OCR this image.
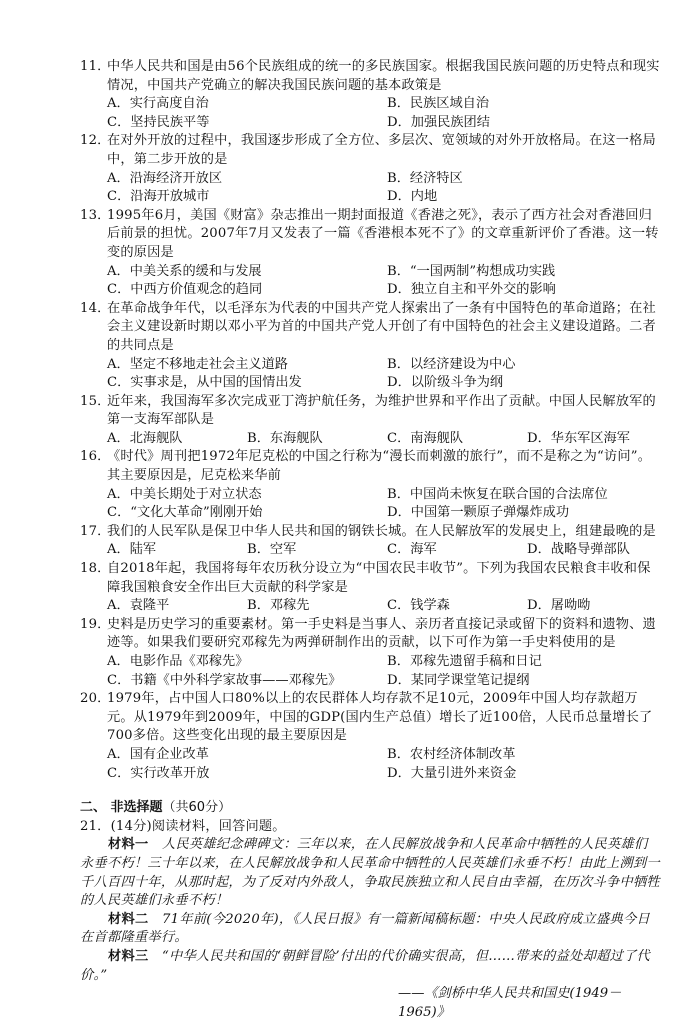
11．中华人民共和国是由56个民族组成的统一的多民族国家。根据我国民族问题的历史特点和现实情况，中国共产党确立的解决我国民族问题的基本政策是
A．实行高度自治	B．民族区域自治
C．坚持民族平等	D．加强民族团结
12．在对外开放的过程中，我国逐步形成了全方位、多层次、宽领域的对外开放格局。在这一格局中，第二步开放的是
A．沿海经济开放区	B．经济特区
C．沿海开放城市	D．内地
13．1995年6月，美国《财富》杂志推出一期封面报道《香港之死》，表示了西方社会对香港回归后前景的担忧。2007年7月又发表了一篇《香港根本死不了》的文章重新评价了香港。这一转变的原因是
A．中美关系的缓和与发展	B．“一国两制”构想成功实践
C．中西方价值观念的趋同	D．独立自主和平外交的影响
14．在革命战争年代，以毛泽东为代表的中国共产党人探索出了一条有中国特色的革命道路；在社会主义建设新时期以邓小平为首的中国共产党人开创了有中国特色的社会主义建设道路。二者的共同点是
A．坚定不移地走社会主义道路	B．以经济建设为中心
C．实事求是，从中国的国情出发	D．以阶级斗争为纲
15．近年来，我国海军多次完成亚丁湾护航任务，为维护世界和平作出了贡献。中国人民解放军的第一支海军部队是
A．北海舰队	B．东海舰队	C．南海舰队	D．华东军区海军
16．《时代》周刊把1972年尼克松的中国之行称为“漫长而刺激的旅行”，而不是称之为“访问”。其主要原因是，尼克松来华前
A．中美长期处于对立状态	B．中国尚未恢复在联合国的合法席位
C．“文化大革命”刚刚开始	D．中国第一颗原子弹爆炸成功
17．我们的人民军队是保卫中华人民共和国的钢铁长城。在人民解放军的发展史上，组建最晚的是
A．陆军	B．空军	C．海军	D．战略导弹部队
18．自2018年起，我国将每年农历秋分设立为“中国农民丰收节”。下列为我国农民粮食丰收和保障我国粮食安全作出巨大贡献的科学家是
A．袁隆平	B．邓稼先	C．钱学森	D．屠呦呦
19．史料是历史学习的重要素材。第一手史料是当事人、亲历者直接记录或留下的资料和遗物、遗迹等。如果我们要研究邓稼先为两弹研制作出的贡献，以下可作为第一手史料使用的是
A．电影作品《邓稼先》	B．邓稼先遗留手稿和日记
C．书籍《中外科学家故事——邓稼先》	D．某同学课堂笔记提纲
20．1979年，占中国人口80%以上的农民群体人均存款不足10元，2009年中国人均存款超万元。从1979年到2009年，中国的GDP(国内生产总值）增长了近100倍，人民币总量增长了700多倍。这些变化出现的最主要原因是
A．国有企业改革	B．农村经济体制改革
C．实行改革开放	D．大量引进外来资金
二、 非选择题（共60分）
21．(14分)阅读材料，回答问题。
材料一　人民英雄纪念碑碑文：三年以来，在人民解放战争和人民革命中牺牲的人民英雄们永垂不朽！三十年以来，在人民解放战争和人民革命中牺牲的人民英雄们永垂不朽！由此上溯到一千八百四十年，从那时起，为了反对内外敌人，争取民族独立和人民自由幸福，在历次斗争中牺牲的人民英雄们永垂不朽！
材料二　71年前(今2020年)，《人民日报》有一篇新闻稿标题：中央人民政府成立盛典今日在首都隆重举行。
材料三　“中华人民共和国的‘朝鲜冒险’付出的代价确实很高，但……带来的益处却超过了代价。”
——《剑桥中华人民共和国史(1949－1965)》
